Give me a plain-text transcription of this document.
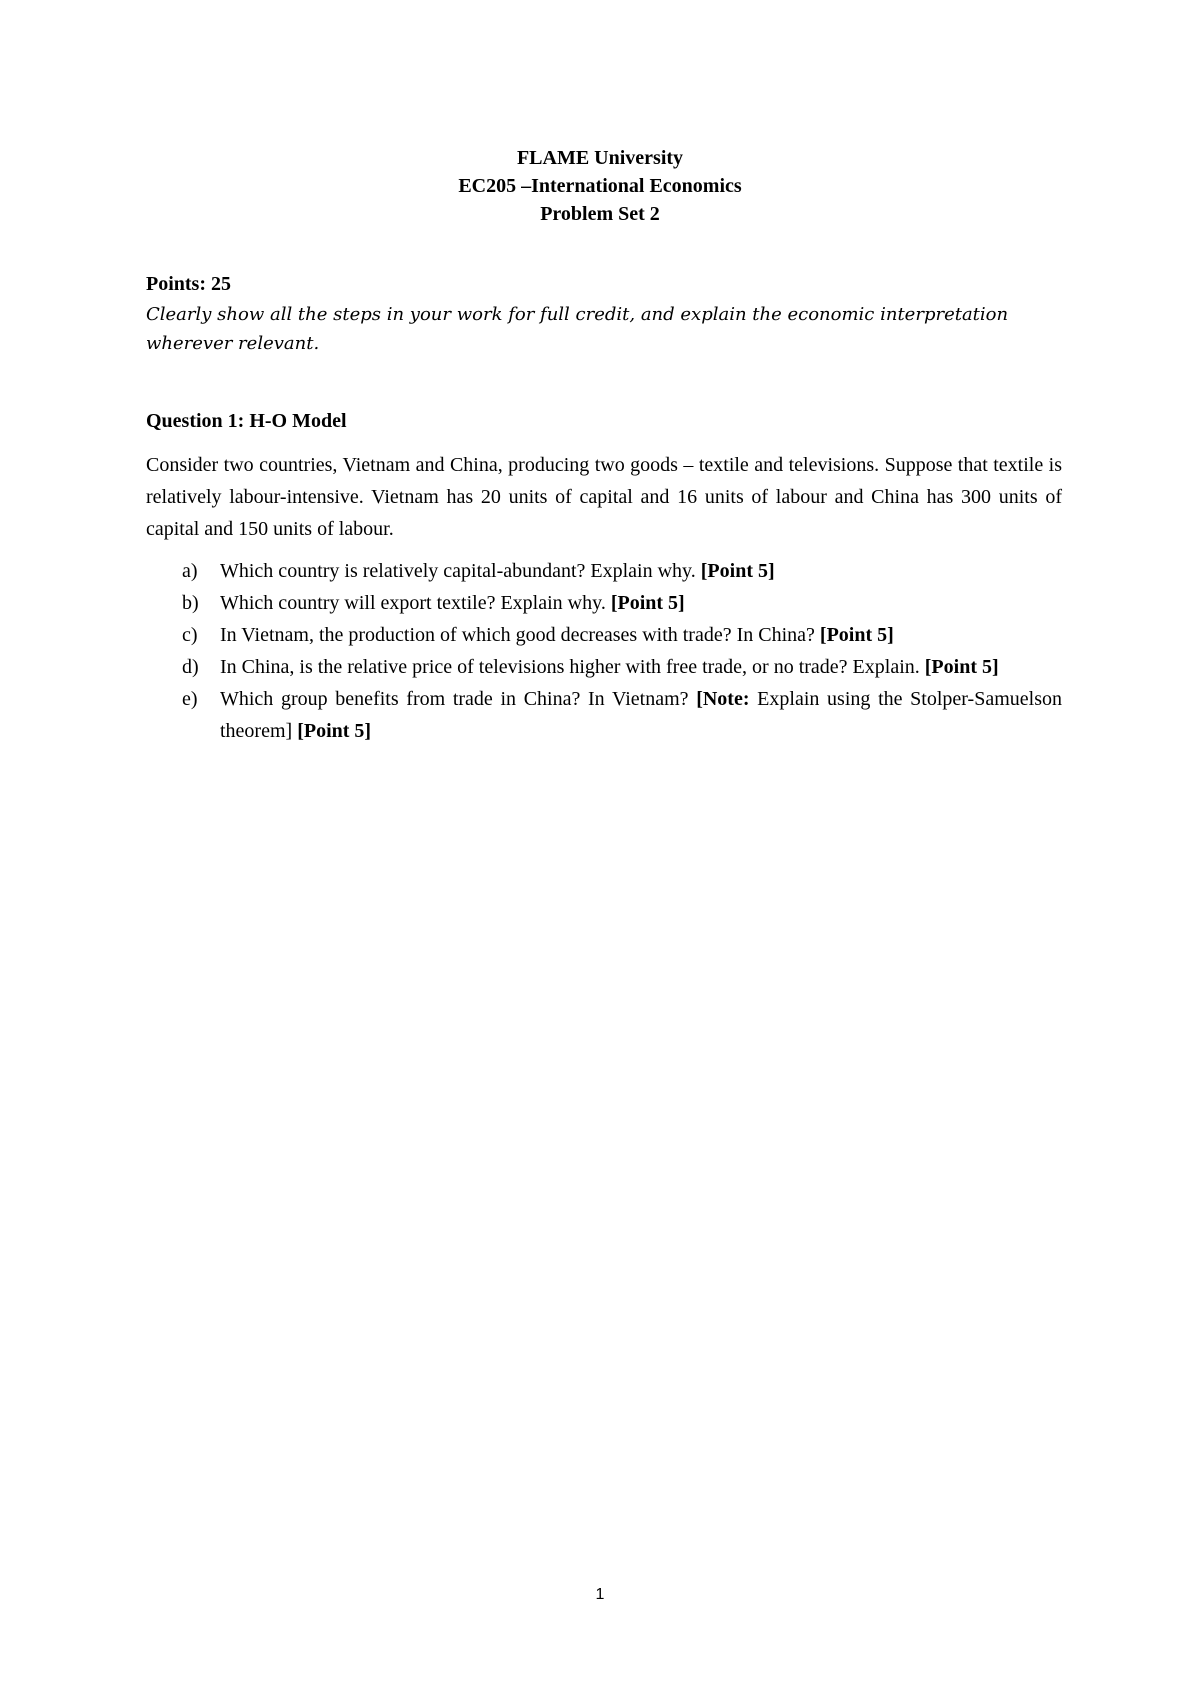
FLAME University
EC205 –International Economics
Problem Set 2
Points: 25
Clearly show all the steps in your work for full credit, and explain the economic interpretation wherever relevant.
Question 1: H-O Model
Consider two countries, Vietnam and China, producing two goods – textile and televisions. Suppose that textile is relatively labour-intensive. Vietnam has 20 units of capital and 16 units of labour and China has 300 units of capital and 150 units of labour.
a) Which country is relatively capital-abundant? Explain why. [Point 5]
b) Which country will export textile? Explain why. [Point 5]
c) In Vietnam, the production of which good decreases with trade? In China? [Point 5]
d) In China, is the relative price of televisions higher with free trade, or no trade? Explain. [Point 5]
e) Which group benefits from trade in China? In Vietnam? [Note: Explain using the Stolper-Samuelson theorem] [Point 5]
1
